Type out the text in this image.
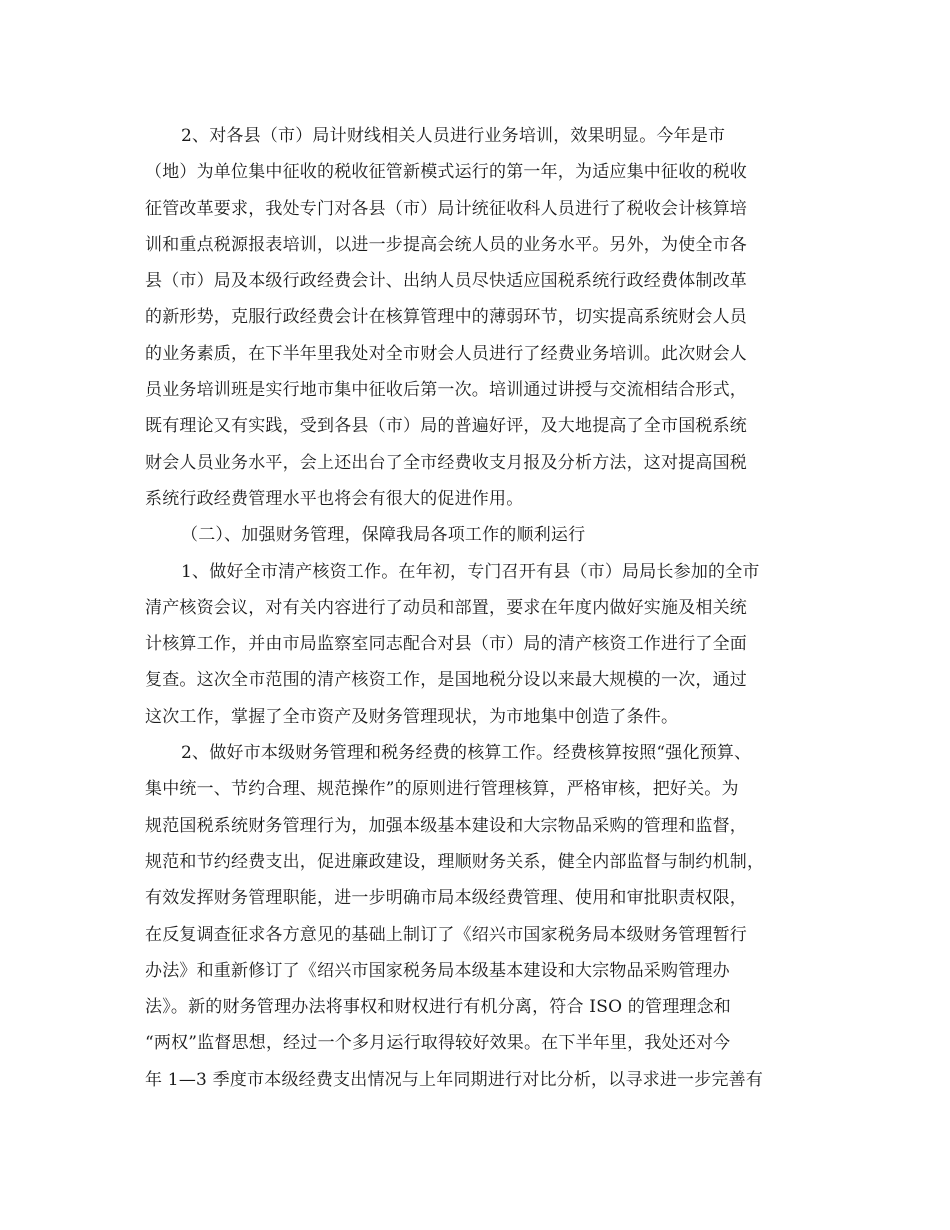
2、对各县（市）局计财线相关人员进行业务培训，效果明显。今年是市
（地）为单位集中征收的税收征管新模式运行的第一年，为适应集中征收的税收
征管改革要求，我处专门对各县（市）局计统征收科人员进行了税收会计核算培
训和重点税源报表培训，以进一步提高会统人员的业务水平。另外，为使全市各
县（市）局及本级行政经费会计、出纳人员尽快适应国税系统行政经费体制改革
的新形势，克服行政经费会计在核算管理中的薄弱环节，切实提高系统财会人员
的业务素质，在下半年里我处对全市财会人员进行了经费业务培训。此次财会人
员业务培训班是实行地市集中征收后第一次。培训通过讲授与交流相结合形式，
既有理论又有实践，受到各县（市）局的普遍好评，及大地提高了全市国税系统
财会人员业务水平，会上还出台了全市经费收支月报及分析方法，这对提高国税
系统行政经费管理水平也将会有很大的促进作用。
（二）、加强财务管理，保障我局各项工作的顺利运行
1、做好全市清产核资工作。在年初，专门召开有县（市）局局长参加的全市
清产核资会议，对有关内容进行了动员和部置，要求在年度内做好实施及相关统
计核算工作，并由市局监察室同志配合对县（市）局的清产核资工作进行了全面
复查。这次全市范围的清产核资工作，是国地税分设以来最大规模的一次，通过
这次工作，掌握了全市资产及财务管理现状，为市地集中创造了条件。
2、做好市本级财务管理和税务经费的核算工作。经费核算按照“强化预算、
集中统一、节约合理、规范操作”的原则进行管理核算，严格审核，把好关。为
规范国税系统财务管理行为，加强本级基本建设和大宗物品采购的管理和监督，
规范和节约经费支出，促进廉政建设，理顺财务关系，健全内部监督与制约机制，
有效发挥财务管理职能，进一步明确市局本级经费管理、使用和审批职责权限，
在反复调查征求各方意见的基础上制订了《绍兴市国家税务局本级财务管理暂行
办法》和重新修订了《绍兴市国家税务局本级基本建设和大宗物品采购管理办
法》。新的财务管理办法将事权和财权进行有机分离，符合 ISO 的管理理念和
“两权”监督思想，经过一个多月运行取得较好效果。在下半年里，我处还对今
年 1—3 季度市本级经费支出情况与上年同期进行对比分析，以寻求进一步完善有
